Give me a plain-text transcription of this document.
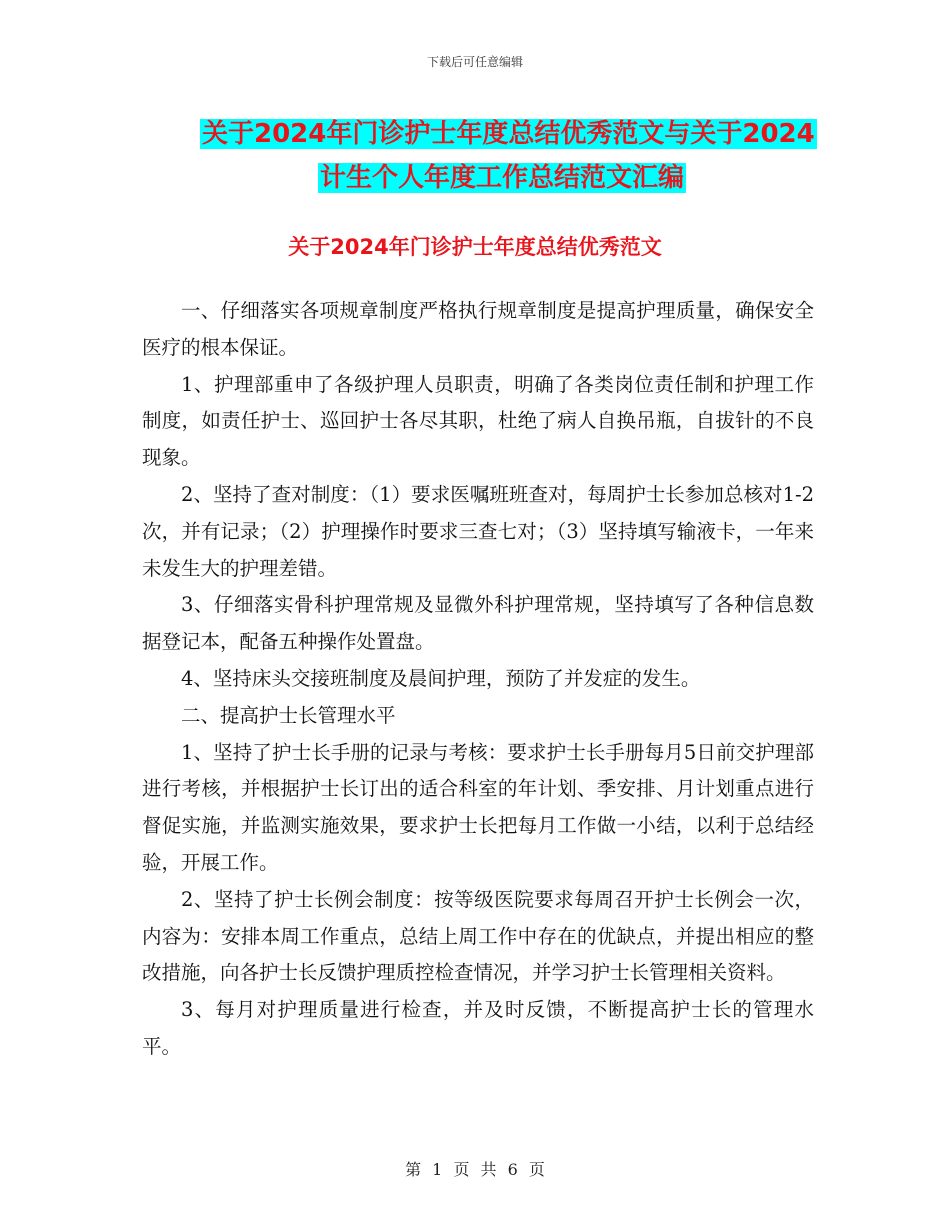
下载后可任意编辑
关于2024年门诊护士年度总结优秀范文与关于2024
计生个人年度工作总结范文汇编
关于2024年门诊护士年度总结优秀范文

一、仔细落实各项规章制度严格执行规章制度是提高护理质量，确保安全医疗的根本保证。

1、护理部重申了各级护理人员职责，明确了各类岗位责任制和护理工作制度，如责任护士、巡回护士各尽其职，杜绝了病人自换吊瓶，自拔针的不良现象。

2、坚持了查对制度：（1）要求医嘱班班查对，每周护士长参加总核对1-2次，并有记录；（2）护理操作时要求三查七对；（3）坚持填写输液卡，一年来未发生大的护理差错。

3、仔细落实骨科护理常规及显微外科护理常规，坚持填写了各种信息数据登记本，配备五种操作处置盘。

4、坚持床头交接班制度及晨间护理，预防了并发症的发生。

二、提高护士长管理水平

1、坚持了护士长手册的记录与考核：要求护士长手册每月5日前交护理部进行考核，并根据护士长订出的适合科室的年计划、季安排、月计划重点进行督促实施，并监测实施效果，要求护士长把每月工作做一小结，以利于总结经验，开展工作。

2、坚持了护士长例会制度：按等级医院要求每周召开护士长例会一次，内容为：安排本周工作重点，总结上周工作中存在的优缺点，并提出相应的整改措施，向各护士长反馈护理质控检查情况，并学习护士长管理相关资料。

3、每月对护理质量进行检查，并及时反馈，不断提高护士长的管理水平。

第 1 页 共 6 页
